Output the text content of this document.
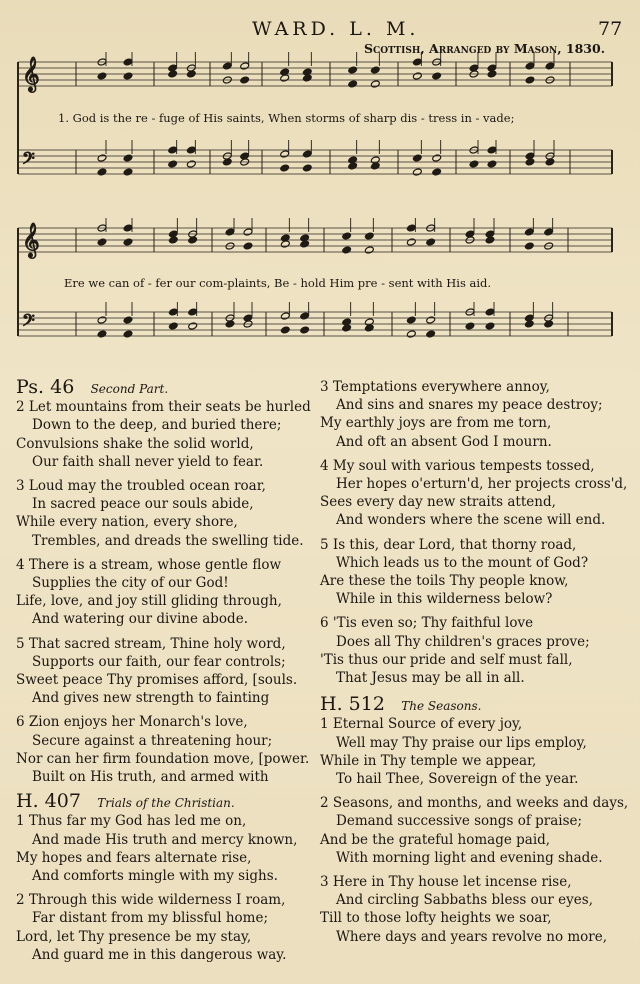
WARD. L. M.	77
Scottish, Arranged by Mason, 1830.
𝄞
𝄢
𝄞
𝄢
1. God is the re - fuge of His saints, When storms of sharp dis - tress in - vade;
Ere we can of - fer our com-plaints, Be - hold Him pre - sent with His aid.
Ps. 46 Second Part.
2 Let mountains from their seats be hurled
Down to the deep, and buried there;
Convulsions shake the solid world,
Our faith shall never yield to fear.
3 Loud may the troubled ocean roar,
In sacred peace our souls abide,
While every nation, every shore,
Trembles, and dreads the swelling tide.
4 There is a stream, whose gentle flow
Supplies the city of our God!
Life, love, and joy still gliding through,
And watering our divine abode.
5 That sacred stream, Thine holy word,
Supports our faith, our fear controls;
Sweet peace Thy promises afford, [souls.
And gives new strength to fainting
6 Zion enjoys her Monarch's love,
Secure against a threatening hour;
Nor can her firm foundation move, [power.
Built on His truth, and armed with
H. 407 Trials of the Christian.
1 Thus far my God has led me on,
And made His truth and mercy known,
My hopes and fears alternate rise,
And comforts mingle with my sighs.
2 Through this wide wilderness I roam,
Far distant from my blissful home;
Lord, let Thy presence be my stay,
And guard me in this dangerous way.
3 Temptations everywhere annoy,
And sins and snares my peace destroy;
My earthly joys are from me torn,
And oft an absent God I mourn.
4 My soul with various tempests tossed,
Her hopes o'erturn'd, her projects cross'd,
Sees every day new straits attend,
And wonders where the scene will end.
5 Is this, dear Lord, that thorny road,
Which leads us to the mount of God?
Are these the toils Thy people know,
While in this wilderness below?
6 'Tis even so; Thy faithful love
Does all Thy children's graces prove;
'Tis thus our pride and self must fall,
That Jesus may be all in all.
H. 512 The Seasons.
1 Eternal Source of every joy,
Well may Thy praise our lips employ,
While in Thy temple we appear,
To hail Thee, Sovereign of the year.
2 Seasons, and months, and weeks and days,
Demand successive songs of praise;
And be the grateful homage paid,
With morning light and evening shade.
3 Here in Thy house let incense rise,
And circling Sabbaths bless our eyes,
Till to those lofty heights we soar,
Where days and years revolve no more,
